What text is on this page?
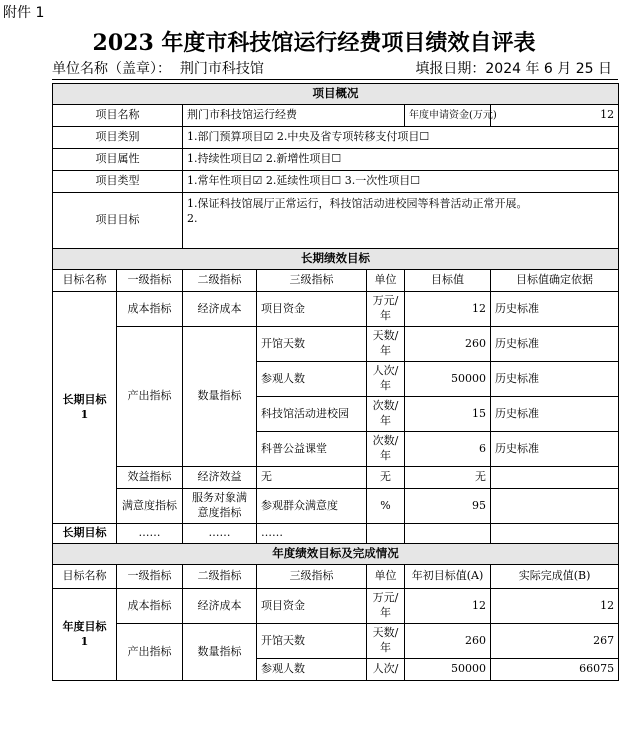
附件 1
2023 年度市科技馆运行经费项目绩效自评表
单位名称（盖章）： 荆门市科技馆	填报日期：2024 年 6 月 25 日
项目概况						
项目名称		荆门市科技馆运行经费			年度申请资金(万元)	12
项目类别		1.部门预算项目☑ 2.中央及省专项转移支付项目☐				
项目属性		1.持续性项目☑ 2.新增性项目☐				
项目类型		1.常年性项目☑ 2.延续性项目☐ 3.一次性项目☐				
项目目标		1.保证科技馆展厅正常运行，科技馆活动进校园等科普活动正常开展。
2.				

长期绩效目标						
目标名称	一级指标	二级指标	三级指标	单位	目标值	目标值确定依据
长期目标 1	成本指标	经济成本	项目资金	万元/年	12	历史标准
	产出指标	数量指标	开馆天数	天数/年	260	历史标准
			参观人数	人次/年	50000	历史标准
			科技馆活动进校园	次数/年	15	历史标准
			科普公益课堂	次数/年	6	历史标准
	效益指标	经济效益	无	无	无	
	满意度指标	服务对象满意度指标	参观群众满意度	%	95	
长期目标	……	……	……			
年度绩效目标及完成情况						
目标名称	一级指标	二级指标	三级指标	单位	年初目标值(A)	实际完成值(B)
年度目标 1	成本指标	经济成本	项目资金	万元/年	12	12
	产出指标	数量指标	开馆天数	天数/年	260	267
			参观人数	人次/	50000	66075
